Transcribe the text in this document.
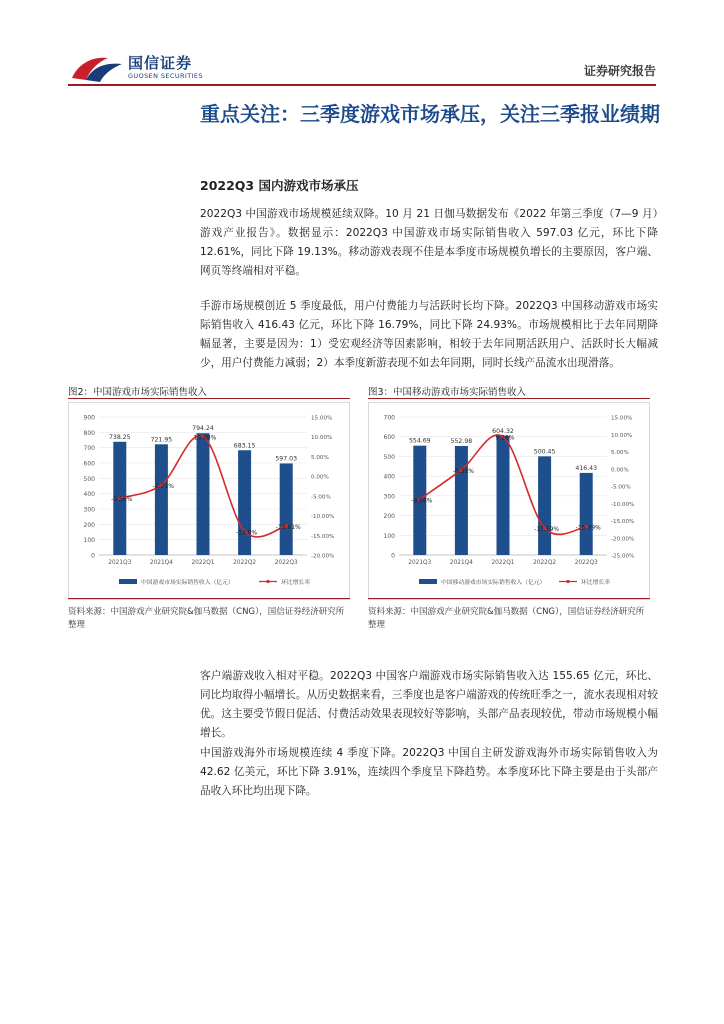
国信证券
GUOSEN SECURITIES	证券研究报告
重点关注：三季度游戏市场承压，关注三季报业绩期
2022Q3 国内游戏市场承压
2022Q3 中国游戏市场规模延续双降。10 月 21 日伽马数据发布《2022 年第三季度（7—9 月）游戏产业报告》。数据显示：2022Q3 中国游戏市场实际销售收入 597.03 亿元，环比下降 12.61%，同比下降 19.13%。移动游戏表现不佳是本季度市场规模负增长的主要原因，客户端、网页等终端相对平稳。
手游市场规模创近 5 季度最低，用户付费能力与活跃时长均下降。2022Q3 中国移动游戏市场实际销售收入 416.43 亿元，环比下降 16.79%，同比下降 24.93%。市场规模相比于去年同期降幅显著，主要是因为：1）受宏观经济等因素影响，相较于去年同期活跃用户、活跃时长大幅减少，用户付费能力减弱；2）本季度新游表现不如去年同期，同时长线产品流水出现滑落。
图2：中国游戏市场实际销售收入
0
100
200
300
400
500
600
700
800
900	15.00%
10.00%
5.00%
0.00%
-5.00%
-10.00%
-15.00%
-20.00%
738.25
2021Q3
721.95
2021Q4
794.24
2022Q1
683.15
2022Q2
597.03
2022Q3
-5.56%
-2.21%
10.08%
-14.0%
-12.61%
中国游戏市场实际销售收入（亿元）	环比增长率
资料来源：中国游戏产业研究院&伽马数据（CNG），国信证券经济研究所整理
图3：中国移动游戏市场实际销售收入
0
100
200
300
400
500
600
700	15.00%
10.00%
5.00%
0.00%
-5.00%
-10.00%
-15.00%
-20.00%
-25.00%
554.69
2021Q3
552.98
2021Q4
604.32
2022Q1
500.45
2022Q2
416.43
2022Q3
-8.86%
-0.31%
9.28%
-17.19%	-16.79%
中国移动游戏市场实际销售收入（亿元）	环比增长率
资料来源：中国游戏产业研究院&伽马数据（CNG），国信证券经济研究所整理
客户端游戏收入相对平稳。2022Q3 中国客户端游戏市场实际销售收入达 155.65 亿元，环比、同比均取得小幅增长。从历史数据来看，三季度也是客户端游戏的传统旺季之一，流水表现相对较优。这主要受节假日促活、付费活动效果表现较好等影响，头部产品表现较优，带动市场规模小幅增长。
中国游戏海外市场规模连续 4 季度下降。2022Q3 中国自主研发游戏海外市场实际销售收入为 42.62 亿美元，环比下降 3.91%，连续四个季度呈下降趋势。本季度环比下降主要是由于头部产品收入环比均出现下降。
